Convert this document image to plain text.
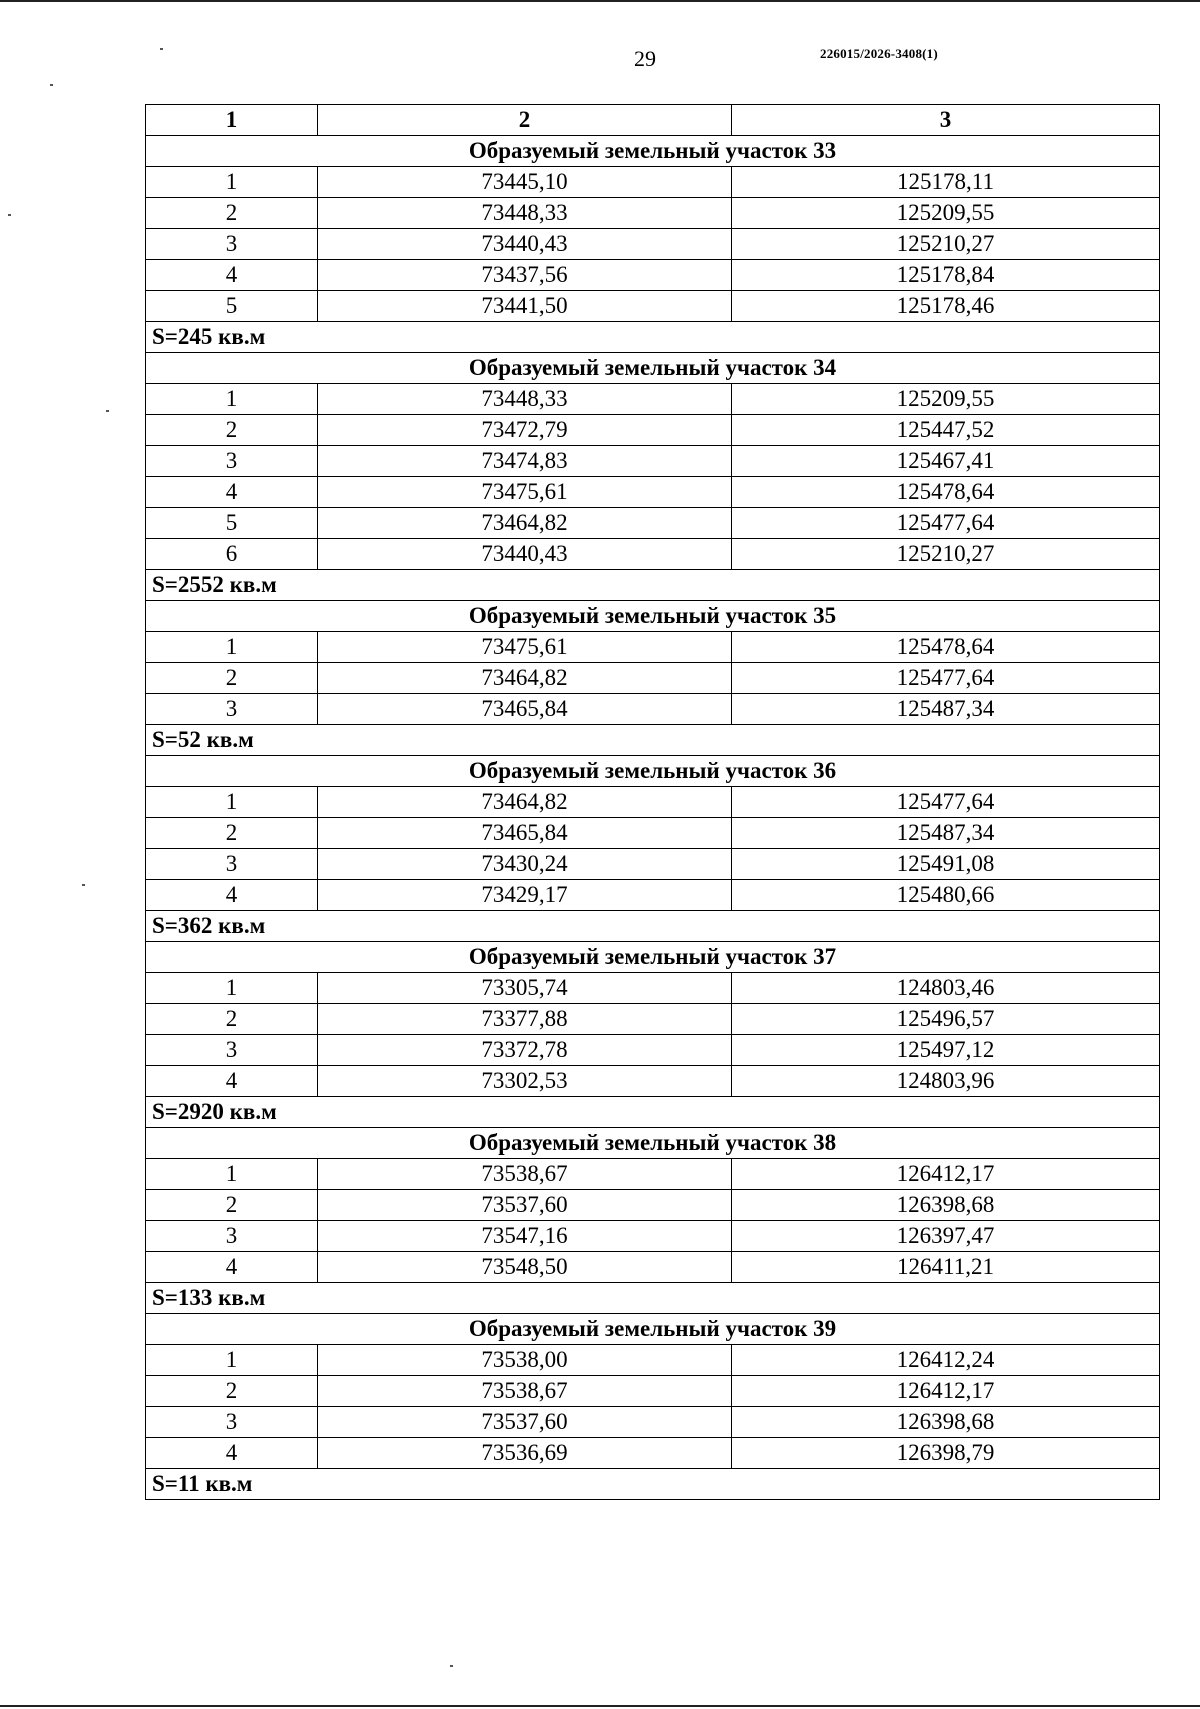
29	226015/2026-3408(1)
1	2	3
Образуемый земельный участок 33		
1	73445,10	125178,11
2	73448,33	125209,55
3	73440,43	125210,27
4	73437,56	125178,84
5	73441,50	125178,46
S=245 кв.м		
Образуемый земельный участок 34		
1	73448,33	125209,55
2	73472,79	125447,52
3	73474,83	125467,41
4	73475,61	125478,64
5	73464,82	125477,64
6	73440,43	125210,27
S=2552 кв.м		
Образуемый земельный участок 35		
1	73475,61	125478,64
2	73464,82	125477,64
3	73465,84	125487,34
S=52 кв.м		
Образуемый земельный участок 36		
1	73464,82	125477,64
2	73465,84	125487,34
3	73430,24	125491,08
4	73429,17	125480,66
S=362 кв.м		
Образуемый земельный участок 37		
1	73305,74	124803,46
2	73377,88	125496,57
3	73372,78	125497,12
4	73302,53	124803,96
S=2920 кв.м		
Образуемый земельный участок 38		
1	73538,67	126412,17
2	73537,60	126398,68
3	73547,16	126397,47
4	73548,50	126411,21
S=133 кв.м		
Образуемый земельный участок 39		
1	73538,00	126412,24
2	73538,67	126412,17
3	73537,60	126398,68
4	73536,69	126398,79
S=11 кв.м		
